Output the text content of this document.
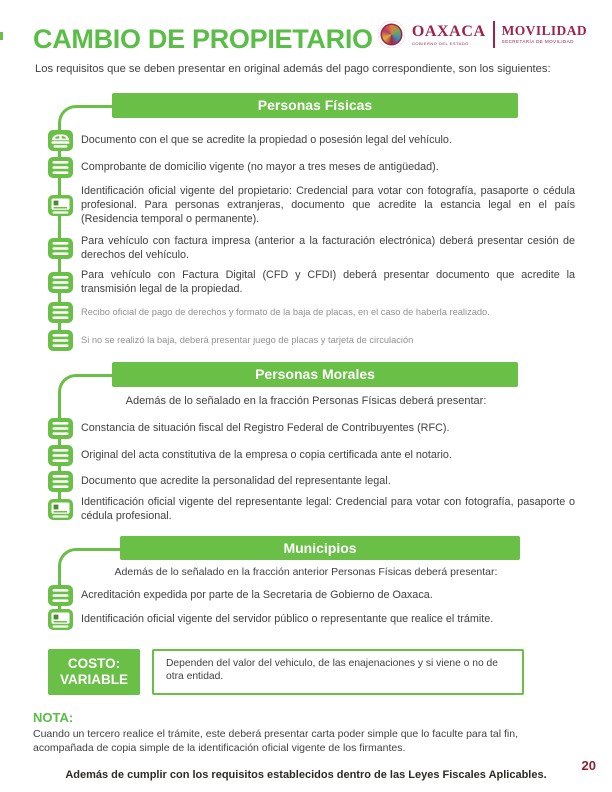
CAMBIO DE PROPIETARIO OAXACA
GOBIERNO DEL ESTADO
MOVILIDAD
SECRETARÍA DE MOVILIDAD

Los requisitos que se deben presentar en original además del pago correspondiente, son los siguientes:

Personas Físicas

Documento con el que se acredite la propiedad o posesión legal del vehículo.

Comprobante de domicilio vigente (no mayor a tres meses de antigüedad).

Identificación oficial vigente del propietario: Credencial para votar con fotografía, pasaporte o cédula profesional. Para personas extranjeras, documento que acredite la estancia legal en el país (Residencia temporal o permanente).

Para vehículo con factura impresa (anterior a la facturación electrónica) deberá presentar cesión de derechos del vehículo.

Para vehículo con Factura Digital (CFD y CFDI) deberá presentar documento que acredite la transmisión legal de la propiedad.

Recibo oficial de pago de derechos y formato de la baja de placas, en el caso de haberla realizado.

Si no se realizó la baja, deberá presentar juego de placas y tarjeta de circulación

Personas Morales

Además de lo señalado en la fracción Personas Físicas deberá presentar:

Constancia de situación fiscal del Registro Federal de Contribuyentes (RFC).

Original del acta constitutiva de la empresa o copia certificada ante el notario.

Documento que acredite la personalidad del representante legal.

Identificación oficial vigente del representante legal: Credencial para votar con fotografía, pasaporte o cédula profesional.

Municipios

Además de lo señalado en la fracción anterior Personas Físicas deberá presentar:

Acreditación expedida por parte de la Secretaria de Gobierno de Oaxaca.

Identificación oficial vigente del servidor público o representante que realice el trámite.

COSTO:
VARIABLE
Dependen del valor del vehiculo, de las enajenaciones y si viene o no de otra entidad.
NOTA:

Cuando un tercero realice el trámite, este deberá presentar carta poder simple que lo faculte para tal fin, acompañada de copia simple de la identificación oficial vigente de los firmantes.

Además de cumplir con los requisitos establecidos dentro de las Leyes Fiscales Aplicables.

20
